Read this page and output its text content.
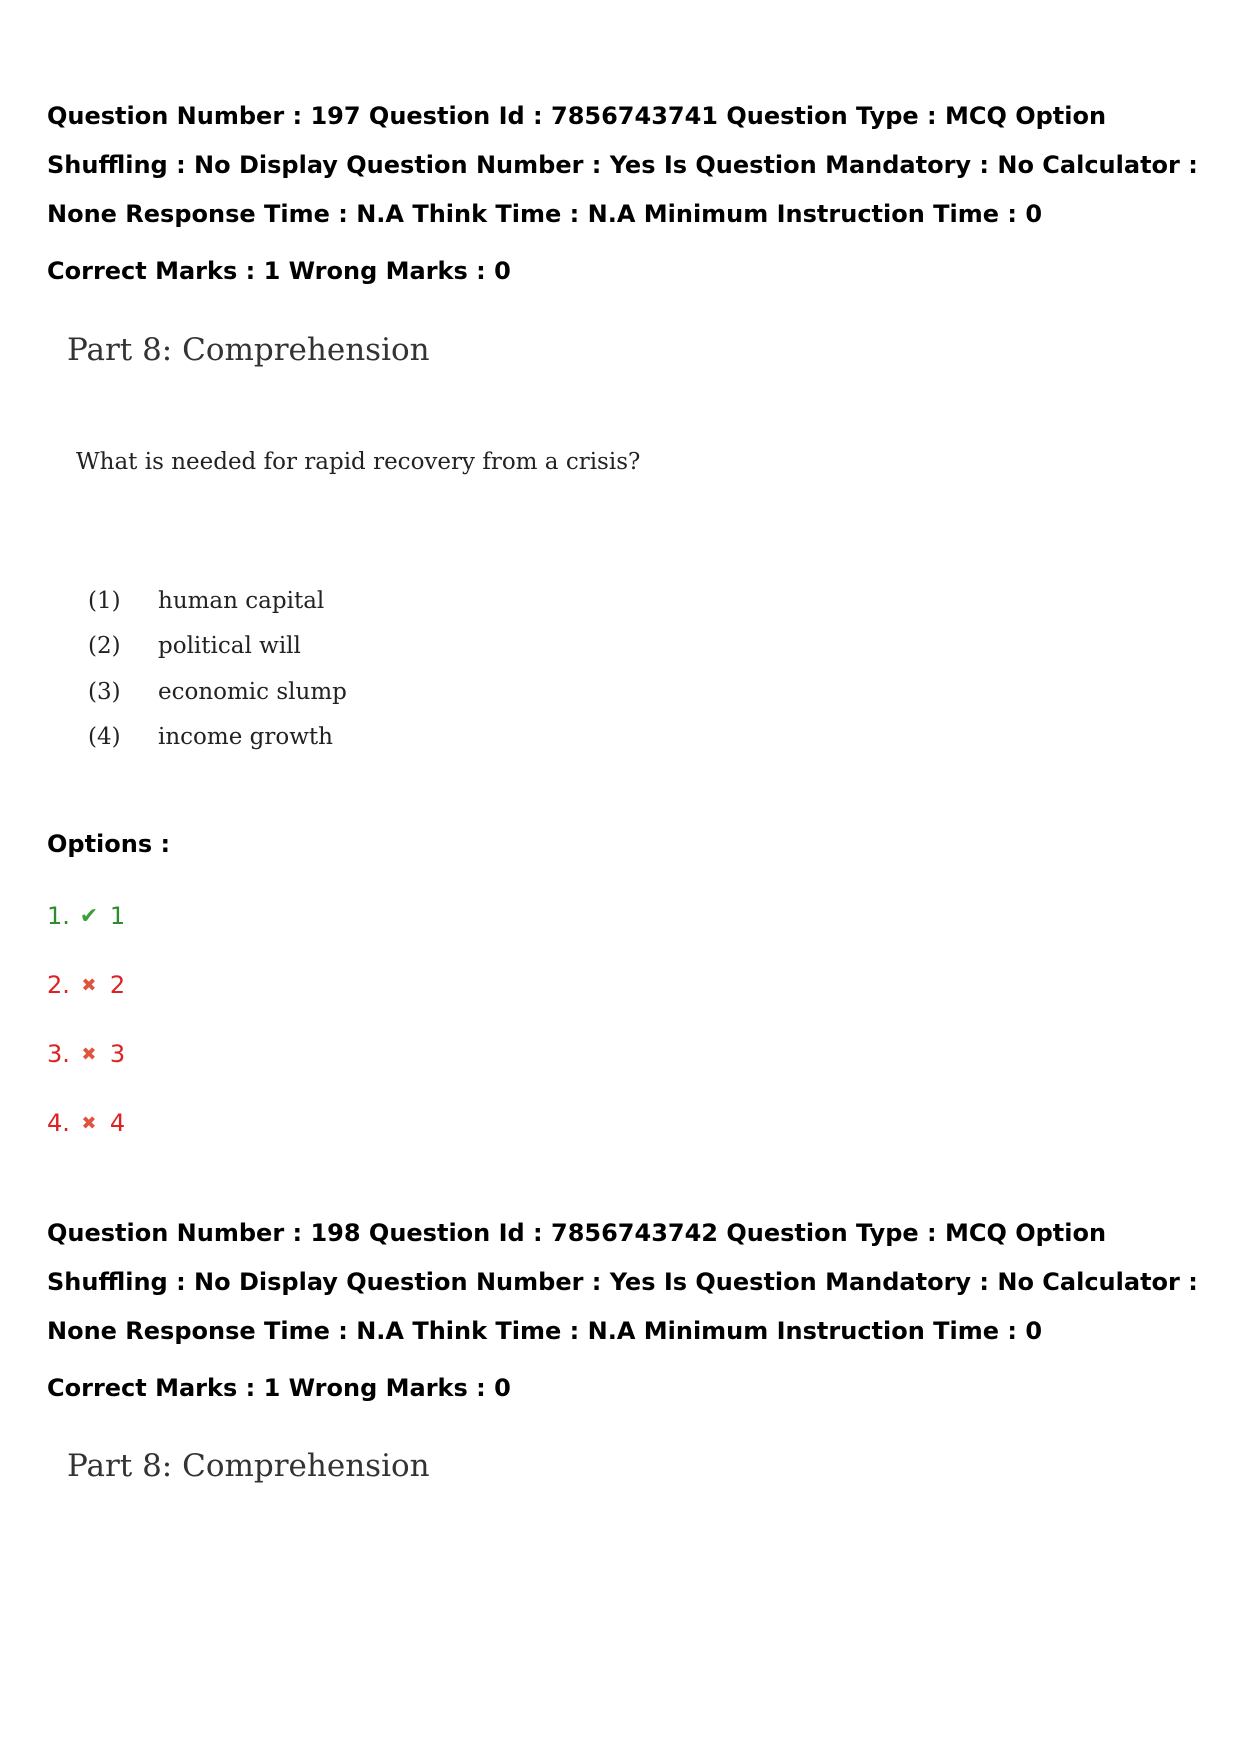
Question Number : 197 Question Id : 7856743741 Question Type : MCQ Option Shuffling : No Display Question Number : Yes Is Question Mandatory : No Calculator : None Response Time : N.A Think Time : N.A Minimum Instruction Time : 0

Correct Marks : 1 Wrong Marks : 0

Part 8: Comprehension

What is needed for rapid recovery from a crisis?

(1)	human capital
(2)	political will
(3)	economic slump
(4)	income growth

Options :

1. ✔ 1
2. ✖ 2
3. ✖ 3
4. ✖ 4

Question Number : 198 Question Id : 7856743742 Question Type : MCQ Option Shuffling : No Display Question Number : Yes Is Question Mandatory : No Calculator : None Response Time : N.A Think Time : N.A Minimum Instruction Time : 0

Correct Marks : 1 Wrong Marks : 0

Part 8: Comprehension
